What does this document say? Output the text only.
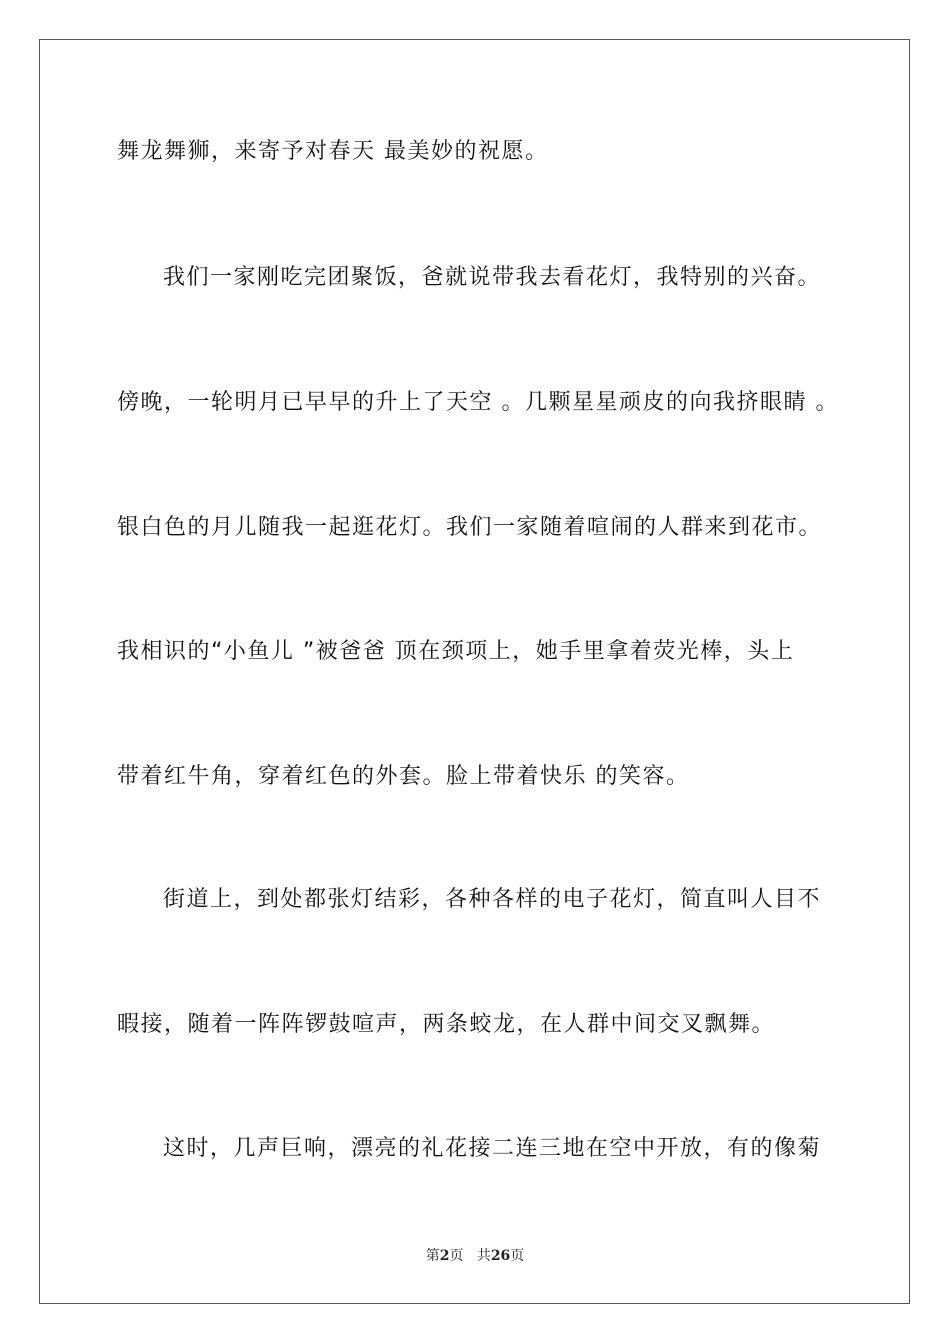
舞龙舞狮，来寄予对春天 最美妙的祝愿。
我们一家刚吃完团聚饭，爸就说带我去看花灯，我特别的兴奋。
傍晚，一轮明月已早早的升上了天空 。几颗星星顽皮的向我挤眼睛 。
银白色的月儿随我一起逛花灯。我们一家随着喧闹的人群来到花市。
我相识的“小鱼儿 ”被爸爸 顶在颈项上，她手里拿着荧光棒，头上
带着红牛角，穿着红色的外套。脸上带着快乐 的笑容。
街道上，到处都张灯结彩，各种各样的电子花灯，简直叫人目不
暇接，随着一阵阵锣鼓喧声，两条蛟龙，在人群中间交叉飘舞。
这时，几声巨响，漂亮的礼花接二连三地在空中开放，有的像菊
第2页 共26页
